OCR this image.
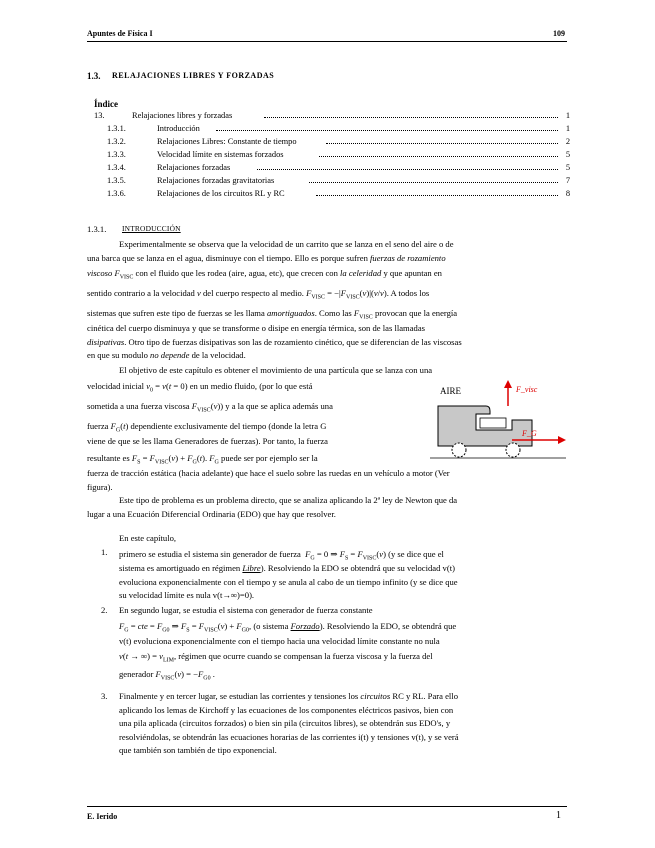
Apuntes de Física I	109
1.3. RELAJACIONES LIBRES Y FORZADAS
Índice
13.	Relajaciones libres y forzadas	1
1.3.1.	Introducción	1
1.3.2.	Relajaciones Libres: Constante de tiempo	2
1.3.3.	Velocidad límite en sistemas forzados	5
1.3.4.	Relajaciones forzadas	5
1.3.5.	Relajaciones forzadas gravitatorias	7
1.3.6.	Relajaciones de los circuitos RL y RC	8
1.3.1. INTRODUCCIÓN
Experimentalmente se observa que la velocidad de un carrito que se lanza en el seno del aire o de
una barca que se lanza en el agua, disminuye con el tiempo. Ello es porque sufren fuerzas de rozamiento
viscoso $F_{VISC}$ con el fluido que les rodea (aire, agua, etc), que crecen con la celeridad y que apuntan en
sentido contrario a la velocidad v del cuerpo respecto al medio. $F_{VISC} = -|F_{VISC}(v)|(v/v)$. A todos los
sistemas que sufren este tipo de fuerzas se les llama amortiguados. Como las $F_{VISC}$ provocan que la energía
cinética del cuerpo disminuya y que se transforme o disipe en energía térmica, son de las llamadas
disipativas. Otro tipo de fuerzas disipativas son las de rozamiento cinético, que se diferencian de las viscosas
en que su modulo no depende de la velocidad.
El objetivo de este capítulo es obtener el movimiento de una partícula que se lanza con una
velocidad inicial $v_0 = v(t = 0)$ en un medio fluido, (por lo que está
sometida a una fuerza viscosa $F_{VISC}(v)$) y a la que se aplica además una
fuerza $F_G(t)$ dependiente exclusivamente del tiempo (donde la letra G
viene de que se les llama Generadores de fuerzas). Por tanto, la fuerza
resultante es $F_S = F_{VISC}(v) + F_G(t)$. $F_G$ puede ser por ejemplo ser la
fuerza de tracción estática (hacia adelante) que hace el suelo sobre las ruedas en un vehículo a motor (Ver
figura).
AIRE	F_visc
F_G
Este tipo de problema es un problema directo, que se analiza aplicando la 2ª ley de Newton que da
lugar a una Ecuación Diferencial Ordinaria (EDO) que hay que resolver.
En este capítulo,
1. primero se estudia el sistema sin generador de fuerza $F_G = 0$ ⇒ $F_S = F_{VISC}(v)$ (y se dice que el
sistema es amortiguado en régimen Libre). Resolviendo la EDO se obtendrá que su velocidad v(t)
evoluciona exponencialmente con el tiempo y se anula al cabo de un tiempo infinito (y se dice que
su velocidad límite es nula v(t→∞)=0).
2. En segundo lugar, se estudia el sistema con generador de fuerza constante
$F_G$ = cte = $F_{G0}$ ⇒ $F_S = F_{VISC}(v) + F_{G0}$, (o sistema Forzado). Resolviendo la EDO, se obtendrá que
v(t) evoluciona exponencialmente con el tiempo hacia una velocidad límite constante no nula
v(t → ∞) = $v_{LIM}$, régimen que ocurre cuando se compensan la fuerza viscosa y la fuerza del
generador $F_{VISC}(v) = -F_{G0}$ .
3. Finalmente y en tercer lugar, se estudian las corrientes y tensiones los circuitos RC y RL. Para ello
aplicando los lemas de Kirchoff y las ecuaciones de los componentes eléctricos pasivos, bien con
una pila aplicada (circuitos forzados) o bien sin pila (circuitos libres), se obtendrán sus EDO's, y
resolviéndolas, se obtendrán las ecuaciones horarias de las corrientes i(t) y tensiones v(t), y se verá
que también son también de tipo exponencial.
E. Ierido	1
